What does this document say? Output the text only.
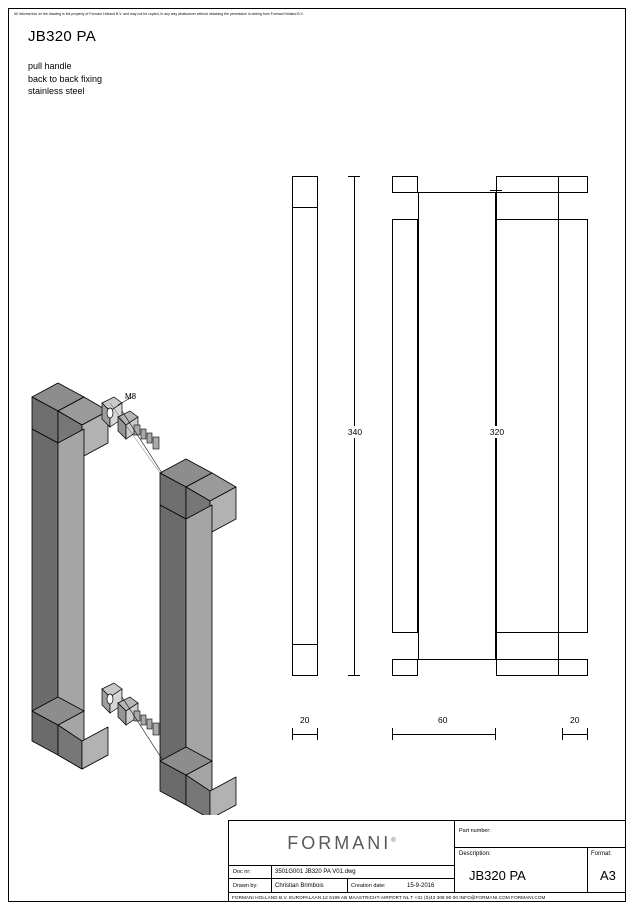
All informa tion on the drawing is the property of Formani Holland B.V. and may not be copied, in any way whatsoever without obtaining the permission in writing from Formani Holland B.V.
JB320 PA
pull handle
back to back fixing
stainless steel
M8
340	320
20	60	20
FORMANI®
Part number:
Description:
JB320 PA
Format:
A3
Doc nr:	3501G001 JB320 PA V01.dwg
Drawn by:	Christian Brimbois	Creation date:	15-9-2016
FORMANI HOLLAND B.V. EUROPALAAN 12 6199 AB MAASTRICHT-AIRPORT NL T +31 (0)43 308 90 00 INFO@FORMANI.COM FORMANI.COM
